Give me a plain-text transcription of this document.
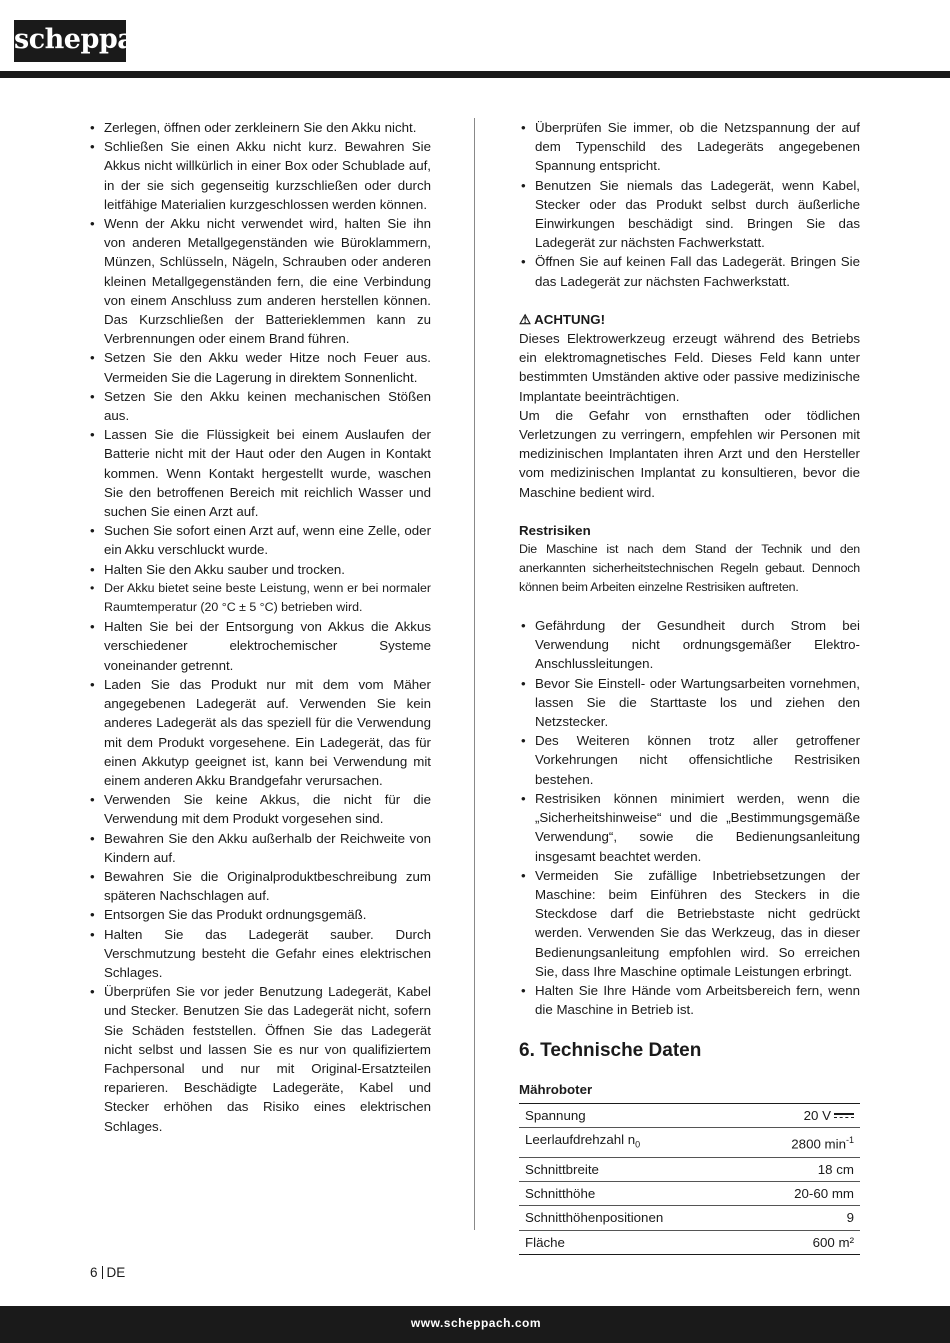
scheppach
• Zerlegen, öffnen oder zerkleinern Sie den Akku nicht.
• Schließen Sie einen Akku nicht kurz. Bewahren Sie Akkus nicht willkürlich in einer Box oder Schublade auf, in der sie sich gegenseitig kurzschließen oder durch leitfähige Materialien kurzgeschlossen werden können.
• Wenn der Akku nicht verwendet wird, halten Sie ihn von anderen Metallgegenständen wie Büroklammern, Münzen, Schlüsseln, Nägeln, Schrauben oder anderen kleinen Metallgegenständen fern, die eine Verbindung von einem Anschluss zum anderen herstellen können. Das Kurzschließen der Batterieklemmen kann zu Verbrennungen oder einem Brand führen.
• Setzen Sie den Akku weder Hitze noch Feuer aus. Vermeiden Sie die Lagerung in direktem Sonnenlicht.
• Setzen Sie den Akku keinen mechanischen Stößen aus.
• Lassen Sie die Flüssigkeit bei einem Auslaufen der Batterie nicht mit der Haut oder den Augen in Kontakt kommen. Wenn Kontakt hergestellt wurde, waschen Sie den betroffenen Bereich mit reichlich Wasser und suchen Sie einen Arzt auf.
• Suchen Sie sofort einen Arzt auf, wenn eine Zelle, oder ein Akku verschluckt wurde.
• Halten Sie den Akku sauber und trocken.
• Der Akku bietet seine beste Leistung, wenn er bei normaler Raumtemperatur (20 °C ± 5 °C) betrieben wird.
• Halten Sie bei der Entsorgung von Akkus die Akkus verschiedener elektrochemischer Systeme voneinander getrennt.
• Laden Sie das Produkt nur mit dem vom Mäher angegebenen Ladegerät auf. Verwenden Sie kein anderes Ladegerät als das speziell für die Verwendung mit dem Produkt vorgesehene. Ein Ladegerät, das für einen Akkutyp geeignet ist, kann bei Verwendung mit einem anderen Akku Brandgefahr verursachen.
• Verwenden Sie keine Akkus, die nicht für die Verwendung mit dem Produkt vorgesehen sind.
• Bewahren Sie den Akku außerhalb der Reichweite von Kindern auf.
• Bewahren Sie die Originalproduktbeschreibung zum späteren Nachschlagen auf.
• Entsorgen Sie das Produkt ordnungsgemäß.
• Halten Sie das Ladegerät sauber. Durch Verschmutzung besteht die Gefahr eines elektrischen Schlages.
• Überprüfen Sie vor jeder Benutzung Ladegerät, Kabel und Stecker. Benutzen Sie das Ladegerät nicht, sofern Sie Schäden feststellen. Öffnen Sie das Ladegerät nicht selbst und lassen Sie es nur von qualifiziertem Fachpersonal und nur mit Original-Ersatzteilen reparieren. Beschädigte Ladegeräte, Kabel und Stecker erhöhen das Risiko eines elektrischen Schlages.
• Überprüfen Sie immer, ob die Netzspannung der auf dem Typenschild des Ladegeräts angegebenen Spannung entspricht.
• Benutzen Sie niemals das Ladegerät, wenn Kabel, Stecker oder das Produkt selbst durch äußerliche Einwirkungen beschädigt sind. Bringen Sie das Ladegerät zur nächsten Fachwerkstatt.
• Öffnen Sie auf keinen Fall das Ladegerät. Bringen Sie das Ladegerät zur nächsten Fachwerkstatt.
⚠ ACHTUNG!
Dieses Elektrowerkzeug erzeugt während des Betriebs ein elektromagnetisches Feld. Dieses Feld kann unter bestimmten Umständen aktive oder passive medizinische Implantate beeinträchtigen.
Um die Gefahr von ernsthaften oder tödlichen Verletzungen zu verringern, empfehlen wir Personen mit medizinischen Implantaten ihren Arzt und den Hersteller vom medizinischen Implantat zu konsultieren, bevor die Maschine bedient wird.
Restrisiken
Die Maschine ist nach dem Stand der Technik und den anerkannten sicherheitstechnischen Regeln gebaut. Dennoch können beim Arbeiten einzelne Restrisiken auftreten.
• Gefährdung der Gesundheit durch Strom bei Verwendung nicht ordnungsgemäßer Elektro-Anschlussleitungen.
• Bevor Sie Einstell- oder Wartungsarbeiten vornehmen, lassen Sie die Starttaste los und ziehen den Netzstecker.
• Des Weiteren können trotz aller getroffener Vorkehrungen nicht offensichtliche Restrisiken bestehen.
• Restrisiken können minimiert werden, wenn die „Sicherheitshinweise“ und die „Bestimmungsgemäße Verwendung“, sowie die Bedienungsanleitung insgesamt beachtet werden.
• Vermeiden Sie zufällige Inbetriebsetzungen der Maschine: beim Einführen des Steckers in die Steckdose darf die Betriebstaste nicht gedrückt werden. Verwenden Sie das Werkzeug, das in dieser Bedienungsanleitung empfohlen wird. So erreichen Sie, dass Ihre Maschine optimale Leistungen erbringt.
• Halten Sie Ihre Hände vom Arbeitsbereich fern, wenn die Maschine in Betrieb ist.
6. Technische Daten
Mähroboter
Spannung	20 V
Leerlaufdrehzahl $n_0$	2800 $\min^{-1}$
Schnittbreite	18 cm
Schnitthöhe	20-60 mm
Schnitthöhenpositionen	9
Fläche	600 m²
6 DE
www.scheppach.com
